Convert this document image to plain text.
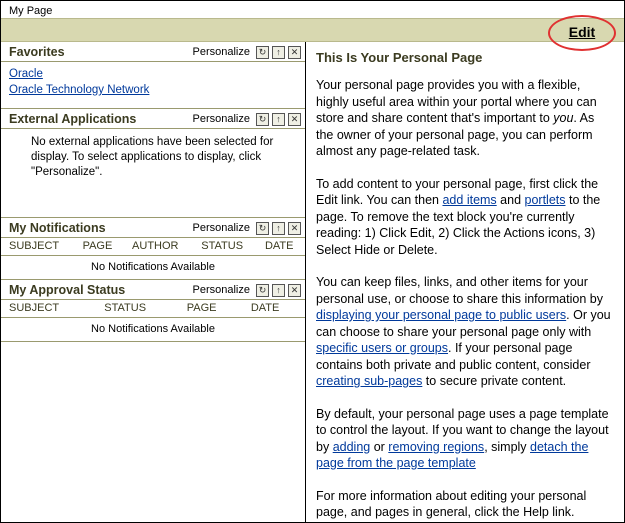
My Page
Edit
Favorites	Personalize ↻	↑	✕
Oracle
Oracle Technology Network
External Applications	Personalize ↻	↑	✕
No external applications have been selected for display. To select applications to display, click "Personalize".
My Notifications	Personalize ↻	↑	✕
SUBJECT	PAGE	AUTHOR	STATUS	DATE
No Notifications Available
My Approval Status	Personalize ↻	↑	✕
SUBJECT	STATUS	PAGE	DATE
No Notifications Available
This Is Your Personal Page

Your personal page provides you with a flexible, highly useful area within your portal where you can store and share content that's important to you. As the owner of your personal page, you can perform almost any page-related task.

To add content to your personal page, first click the Edit link. You can then add items and portlets to the page. To remove the text block you're currently reading: 1) Click Edit, 2) Click the Actions icons, 3) Select Hide or Delete.

You can keep files, links, and other items for your personal use, or choose to share this information by displaying your personal page to public users. Or you can choose to share your personal page only with specific users or groups. If your personal page contains both private and public content, consider creating sub-pages to secure private content.

By default, your personal page uses a page template to control the layout. If you want to change the layout by adding or removing regions, simply detach the page from the page template

For more information about editing your personal page, and pages in general, click the Help link.
